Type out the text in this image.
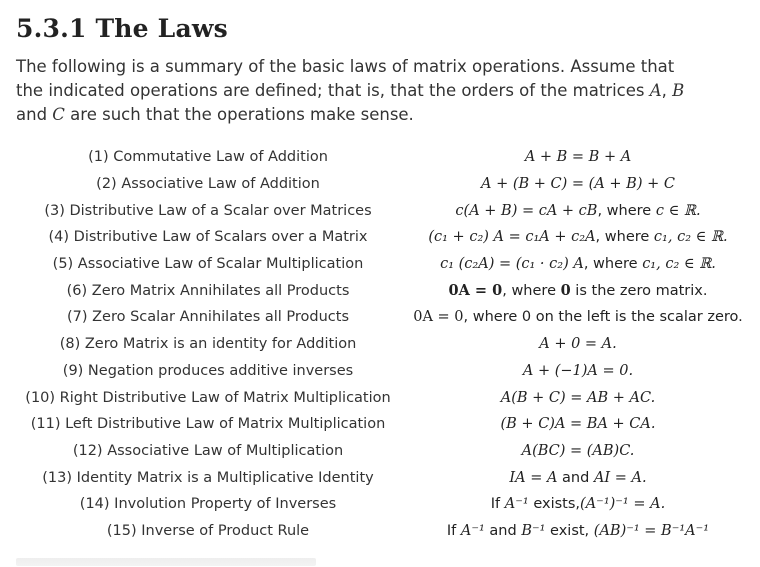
5.3.1 The Laws

The following is a summary of the basic laws of matrix operations. Assume that the indicated operations are defined; that is, that the orders of the matrices A, B and C are such that the operations make sense.

(1) Commutative Law of Addition	A + B = B + A
(2) Associative Law of Addition	A + (B + C) = (A + B) + C
(3) Distributive Law of a Scalar over Matrices	c(A + B) = cA + cB, where c ∈ ℝ.
(4) Distributive Law of Scalars over a Matrix	(c₁ + c₂) A = c₁A + c₂A, where c₁, c₂ ∈ ℝ.
(5) Associative Law of Scalar Multiplication	c₁ (c₂A) = (c₁ · c₂) A, where c₁, c₂ ∈ ℝ.
(6) Zero Matrix Annihilates all Products	0A = 0, where 0 is the zero matrix.
(7) Zero Scalar Annihilates all Products	0A = 0, where 0 on the left is the scalar zero.
(8) Zero Matrix is an identity for Addition	A + 0 = A.
(9) Negation produces additive inverses	A + (−1)A = 0.
(10) Right Distributive Law of Matrix Multiplication	A(B + C) = AB + AC.
(11) Left Distributive Law of Matrix Multiplication	(B + C)A = BA + CA.
(12) Associative Law of Multiplication	A(BC) = (AB)C.
(13) Identity Matrix is a Multiplicative Identity	IA = A and AI = A.
(14) Involution Property of Inverses	If A⁻¹ exists,(A⁻¹)⁻¹ = A.
(15) Inverse of Product Rule	If A⁻¹ and B⁻¹ exist, (AB)⁻¹ = B⁻¹A⁻¹
